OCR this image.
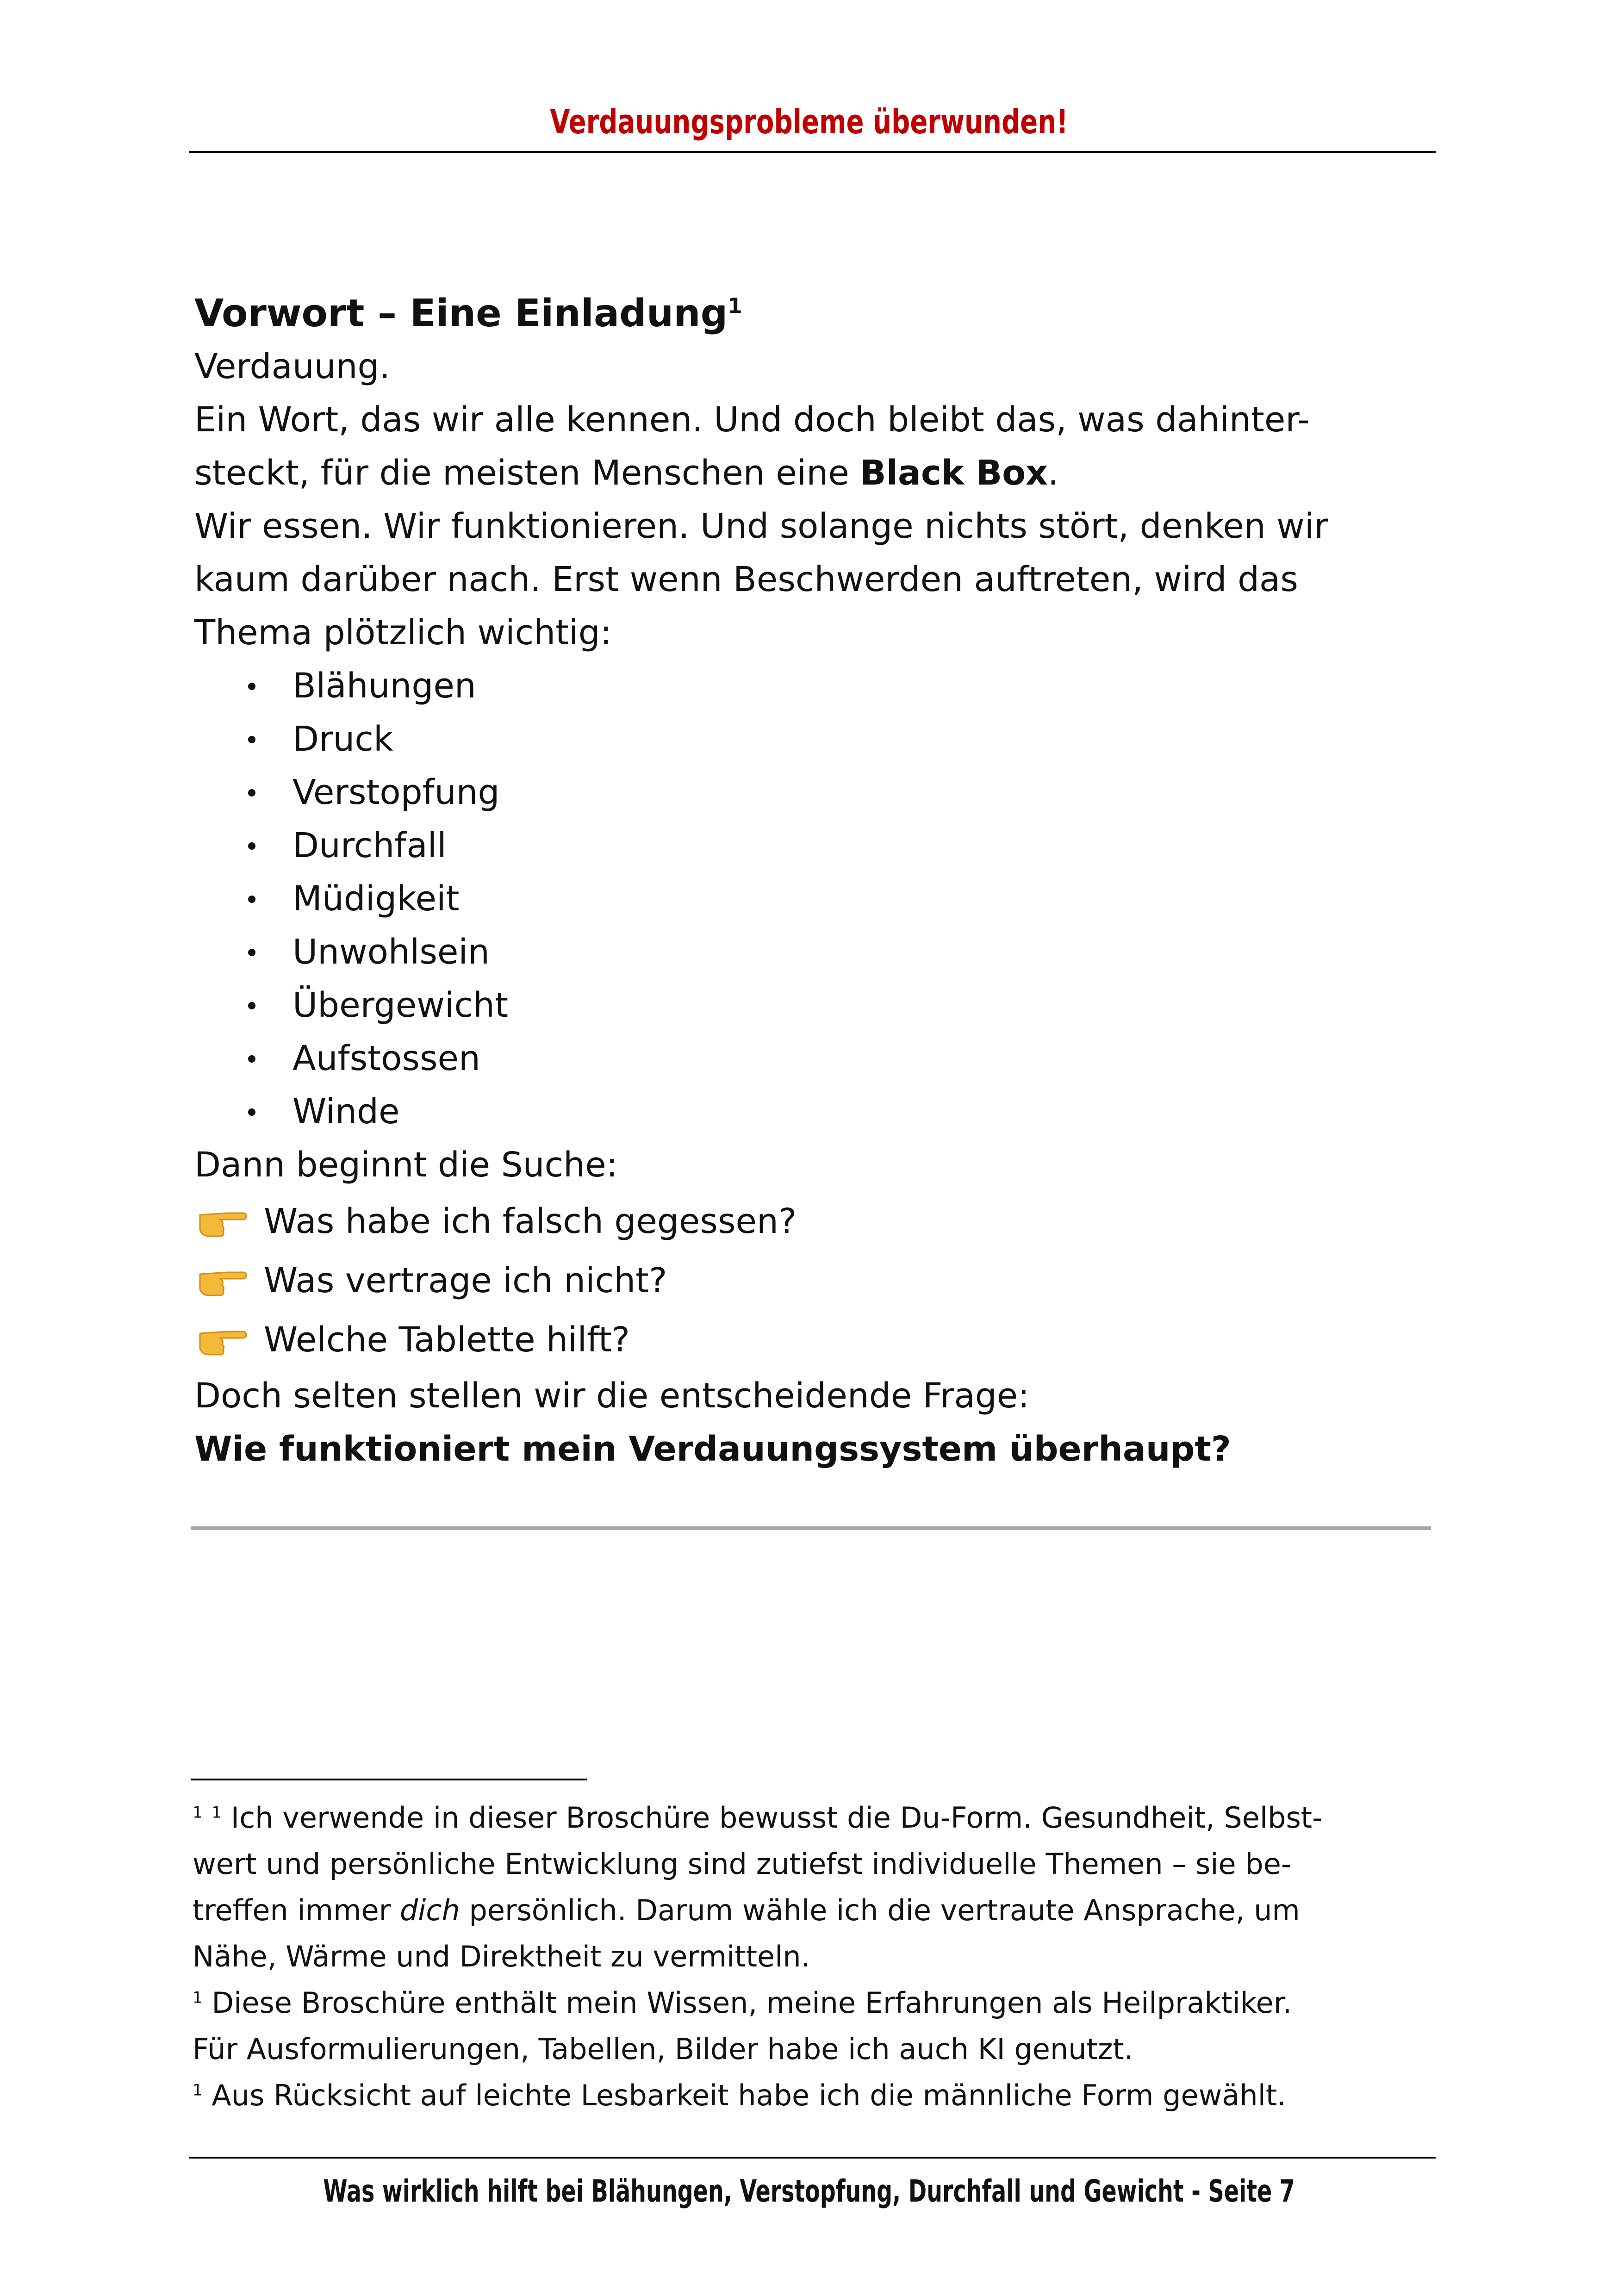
Verdauungsprobleme überwunden!

Vorwort – Eine Einladung$^1$

Verdauung.

Ein Wort, das wir alle kennen. Und doch bleibt das, was dahinter-

steckt, für die meisten Menschen eine Black Box.

Wir essen. Wir funktionieren. Und solange nichts stört, denken wir

kaum darüber nach. Erst wenn Beschwerden auftreten, wird das

Thema plötzlich wichtig:

Blähungen
Druck
Verstopfung
Durchfall
Müdigkeit
Unwohlsein
Übergewicht
Aufstossen
Winde

Dann beginnt die Suche:

Was habe ich falsch gegessen?
Was vertrage ich nicht?
Welche Tablette hilft?

Doch selten stellen wir die entscheidende Frage:

Wie funktioniert mein Verdauungssystem überhaupt?

$^1$ $^1$ Ich verwende in dieser Broschüre bewusst die Du-Form. Gesundheit, Selbst-

wert und persönliche Entwicklung sind zutiefst individuelle Themen – sie be-

treffen immer dich persönlich. Darum wähle ich die vertraute Ansprache, um

Nähe, Wärme und Direktheit zu vermitteln.

$^1$ Diese Broschüre enthält mein Wissen, meine Erfahrungen als Heilpraktiker.

Für Ausformulierungen, Tabellen, Bilder habe ich auch KI genutzt.

$^1$ Aus Rücksicht auf leichte Lesbarkeit habe ich die männliche Form gewählt.

Was wirklich hilft bei Blähungen, Verstopfung, Durchfall und Gewicht - Seite 7
